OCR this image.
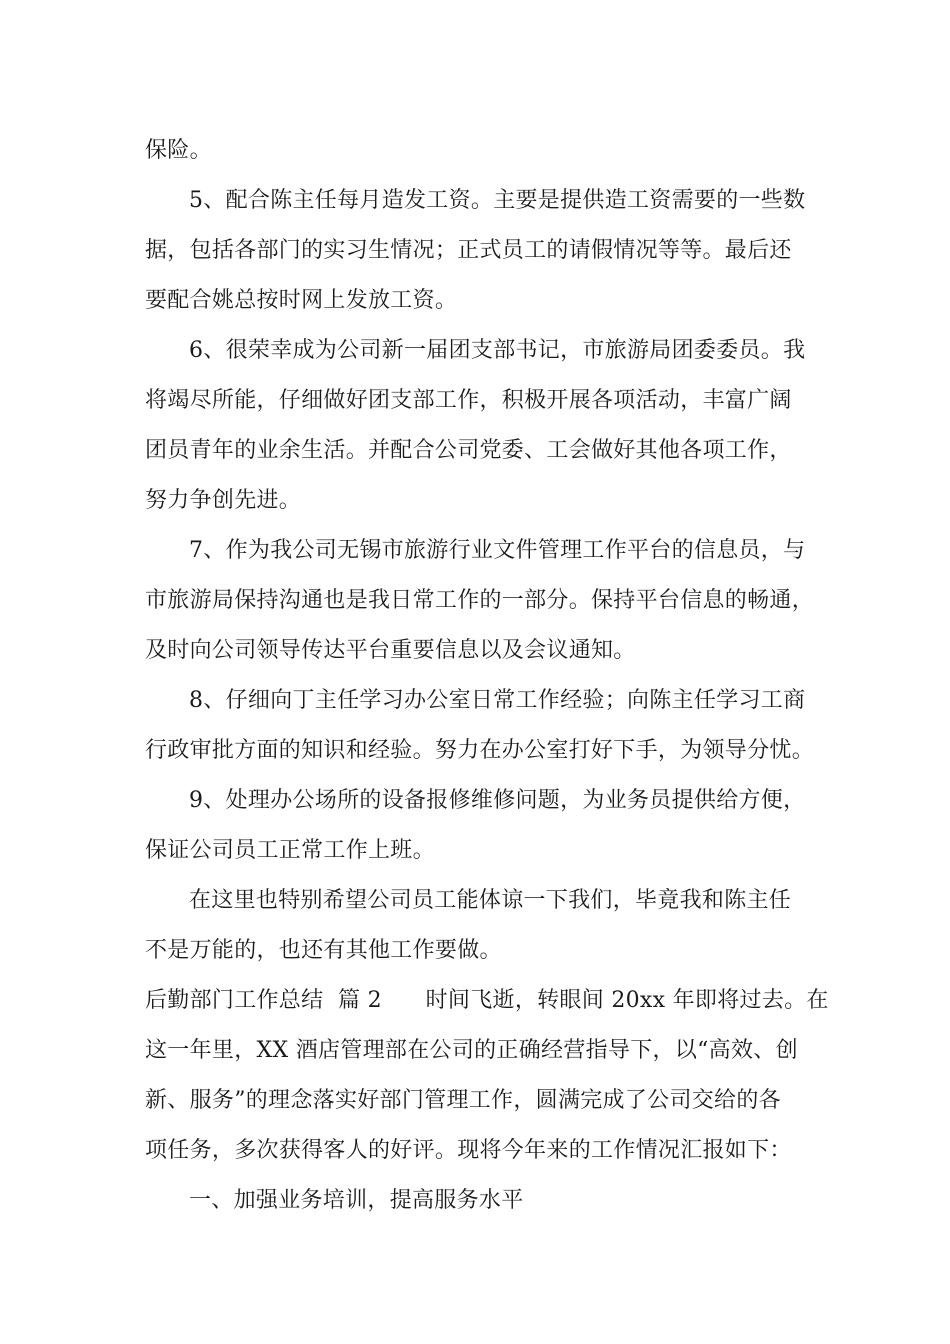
保险。
5、配合陈主任每月造发工资。主要是提供造工资需要的一些数
据，包括各部门的实习生情况；正式员工的请假情况等等。最后还
要配合姚总按时网上发放工资。
6、很荣幸成为公司新一届团支部书记，市旅游局团委委员。我
将竭尽所能，仔细做好团支部工作，积极开展各项活动，丰富广阔
团员青年的业余生活。并配合公司党委、工会做好其他各项工作，
努力争创先进。
7、作为我公司无锡市旅游行业文件管理工作平台的信息员，与
市旅游局保持沟通也是我日常工作的一部分。保持平台信息的畅通，
及时向公司领导传达平台重要信息以及会议通知。
8、仔细向丁主任学习办公室日常工作经验；向陈主任学习工商
行政审批方面的知识和经验。努力在办公室打好下手，为领导分忧。
9、处理办公场所的设备报修维修问题，为业务员提供给方便，
保证公司员工正常工作上班。
在这里也特别希望公司员工能体谅一下我们，毕竟我和陈主任
不是万能的，也还有其他工作要做。
后勤部门工作总结  篇 2      时间飞逝，转眼间 20xx 年即将过去。在
这一年里，XX 酒店管理部在公司的正确经营指导下，以“高效、创
新、服务”的理念落实好部门管理工作，圆满完成了公司交给的各
项任务，多次获得客人的好评。现将今年来的工作情况汇报如下：
一、加强业务培训，提高服务水平
